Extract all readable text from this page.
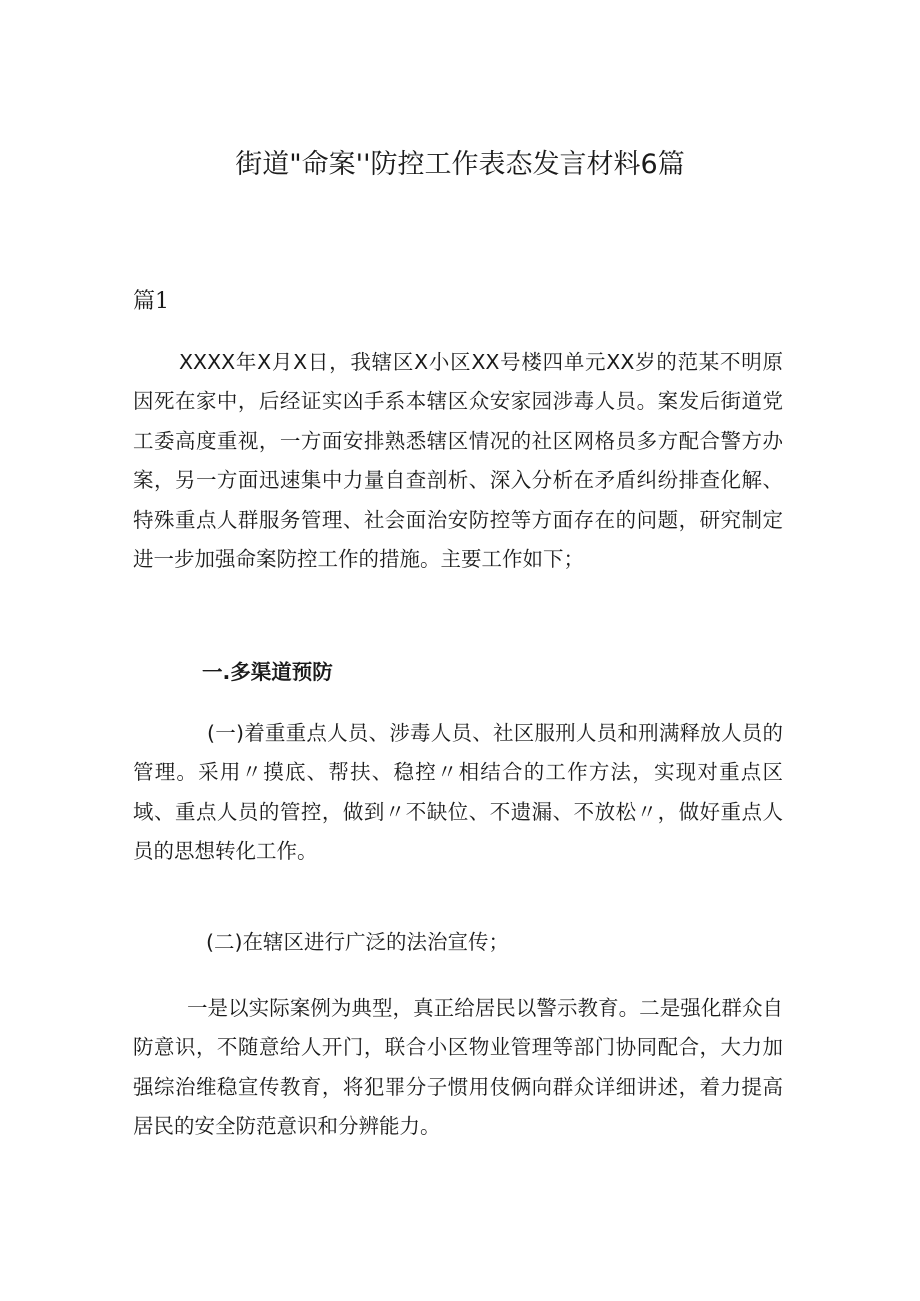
街道"命案''防控工作表态发言材料6篇
篇1

XXXX年X月X日，我辖区X小区XX号楼四单元XX岁的范某不明原因死在家中，后经证实凶手系本辖区众安家园涉毒人员。案发后街道党工委高度重视，一方面安排熟悉辖区情况的社区网格员多方配合警方办案，另一方面迅速集中力量自查剖析、深入分析在矛盾纠纷排查化解、特殊重点人群服务管理、社会面治安防控等方面存在的问题，研究制定进一步加强命案防控工作的措施。主要工作如下；

一.多渠道预防

(一)着重重点人员、涉毒人员、社区服刑人员和刑满释放人员的管理。采用〃摸底、帮扶、稳控〃相结合的工作方法，实现对重点区域、重点人员的管控，做到〃不缺位、不遗漏、不放松〃，做好重点人员的思想转化工作。

(二)在辖区进行广泛的法治宣传；

一是以实际案例为典型，真正给居民以警示教育。二是强化群众自防意识，不随意给人开门，联合小区物业管理等部门协同配合，大力加强综治维稳宣传教育，将犯罪分子惯用伎俩向群众详细讲述，着力提高居民的安全防范意识和分辨能力。
